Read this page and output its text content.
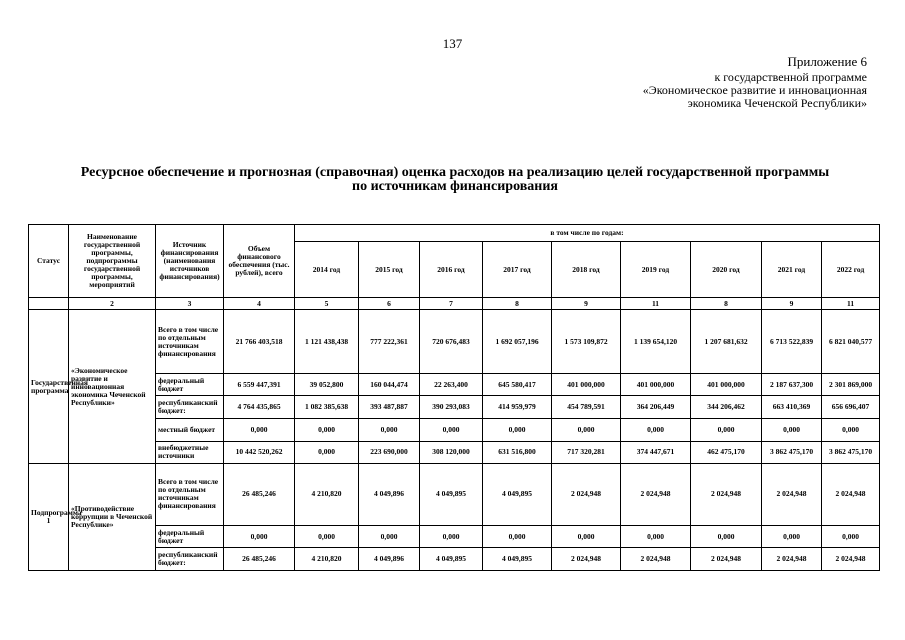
137
Приложение 6
к государственной программе
«Экономическое развитие и инновационная
экономика Чеченской Республики»
Ресурсное обеспечение и прогнозная (справочная) оценка расходов на реализацию целей государственной программы
по источникам финансирования
Статус	Наименование государственной программы, подпрограммы государственной программы, мероприятий	Источник финансирования (наименования источников финансирования)	Объем финансового обеспечения (тыс. рублей), всего	в том числе по годам:								
				2014 год	2015 год	2016 год	2017 год	2018 год	2019 год	2020 год	2021 год	2022 год
	2	3	4	5	6	7	8	9	11	8	9	11
Государственная программа	«Экономическое развитие и инновационная экономика Чеченской Республики»	Всего в том числе по отдельным источникам финансирования	21 766 403,518	1 121 438,438	777 222,361	720 676,483	1 692 057,196	1 573 109,872	1 139 654,120	1 207 681,632	6 713 522,839	6 821 040,577
		федеральный бюджет	6 559 447,391	39 052,800	160 044,474	22 263,400	645 580,417	401 000,000	401 000,000	401 000,000	2 187 637,300	2 301 869,000
		республиканский бюджет:	4 764 435,865	1 082 385,638	393 487,887	390 293,083	414 959,979	454 789,591	364 206,449	344 206,462	663 410,369	656 696,407
		местный бюджет	0,000	0,000	0,000	0,000	0,000	0,000	0,000	0,000	0,000	0,000
		внебюджетные источники	10 442 520,262	0,000	223 690,000	308 120,000	631 516,800	717 320,281	374 447,671	462 475,170	3 862 475,170	3 862 475,170
Подпрограмма 1	«Противодействие коррупции в Чеченской Республике»	Всего в том числе по отдельным источникам финансирования	26 485,246	4 210,820	4 049,896	4 049,895	4 049,895	2 024,948	2 024,948	2 024,948	2 024,948	2 024,948
		федеральный бюджет	0,000	0,000	0,000	0,000	0,000	0,000	0,000	0,000	0,000	0,000
		республиканский бюджет:	26 485,246	4 210,820	4 049,896	4 049,895	4 049,895	2 024,948	2 024,948	2 024,948	2 024,948	2 024,948
